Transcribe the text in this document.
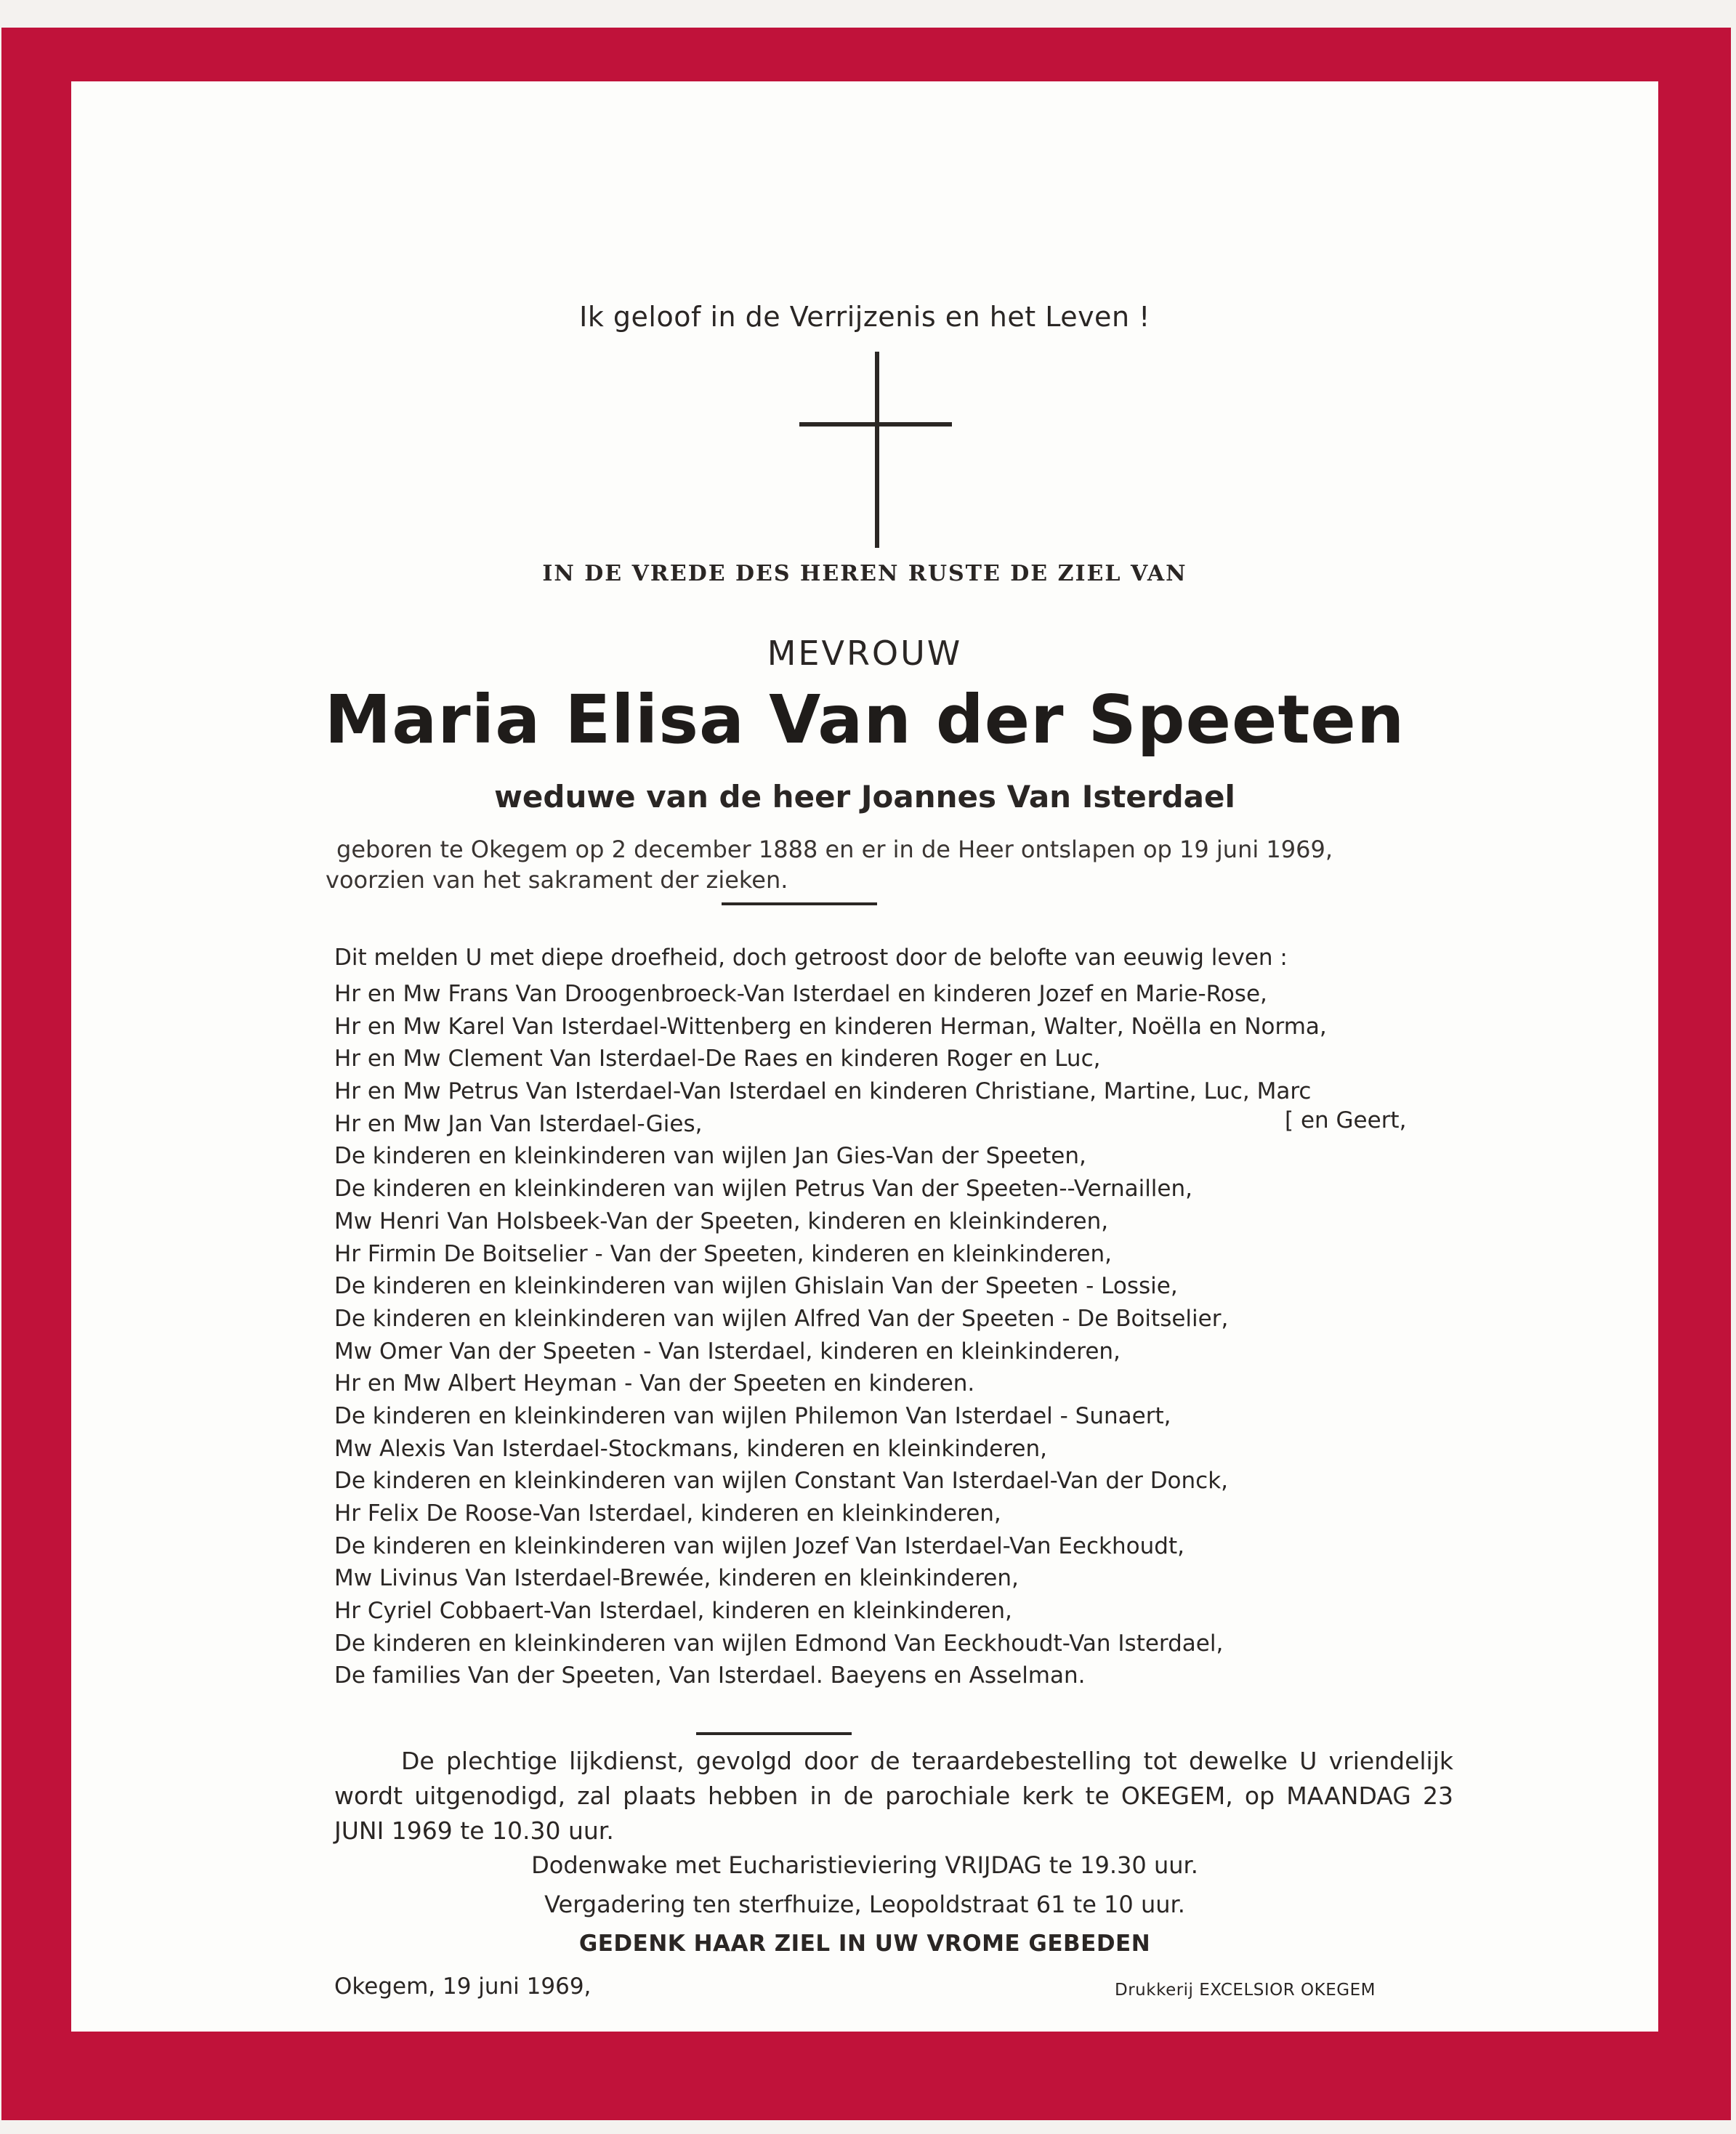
Ik geloof in de Verrijzenis en het Leven !
IN DE VREDE DES HEREN RUSTE DE ZIEL VAN
MEVROUW
Maria Elisa Van der Speeten
weduwe van de heer Joannes Van Isterdael
geboren te Okegem op 2 december 1888 en er in de Heer ontslapen op 19 juni 1969,
voorzien van het sakrament der zieken.
Dit melden U met diepe droefheid, doch getroost door de belofte van eeuwig leven :
Hr en Mw Frans Van Droogenbroeck-Van Isterdael en kinderen Jozef en Marie-Rose,
Hr en Mw Karel Van Isterdael-Wittenberg en kinderen Herman, Walter, Noëlla en Norma,
Hr en Mw Clement Van Isterdael-De Raes en kinderen Roger en Luc,
Hr en Mw Petrus Van Isterdael-Van Isterdael en kinderen Christiane, Martine, Luc, Marc
Hr en Mw Jan Van Isterdael-Gies,
De kinderen en kleinkinderen van wijlen Jan Gies-Van der Speeten,
De kinderen en kleinkinderen van wijlen Petrus Van der Speeten--Vernaillen,
Mw Henri Van Holsbeek-Van der Speeten, kinderen en kleinkinderen,
Hr Firmin De Boitselier - Van der Speeten, kinderen en kleinkinderen,
De kinderen en kleinkinderen van wijlen Ghislain Van der Speeten - Lossie,
De kinderen en kleinkinderen van wijlen Alfred Van der Speeten - De Boitselier,
Mw Omer Van der Speeten - Van Isterdael, kinderen en kleinkinderen,
Hr en Mw Albert Heyman - Van der Speeten en kinderen.
De kinderen en kleinkinderen van wijlen Philemon Van Isterdael - Sunaert,
Mw Alexis Van Isterdael-Stockmans, kinderen en kleinkinderen,
De kinderen en kleinkinderen van wijlen Constant Van Isterdael-Van der Donck,
Hr Felix De Roose-Van Isterdael, kinderen en kleinkinderen,
De kinderen en kleinkinderen van wijlen Jozef Van Isterdael-Van Eeckhoudt,
Mw Livinus Van Isterdael-Brewée, kinderen en kleinkinderen,
Hr Cyriel Cobbaert-Van Isterdael, kinderen en kleinkinderen,
De kinderen en kleinkinderen van wijlen Edmond Van Eeckhoudt-Van Isterdael,
De families Van der Speeten, Van Isterdael. Baeyens en Asselman.
[ en Geert,

De plechtige lijkdienst, gevolgd door de teraardebestelling tot dewelke U vriendelijk wordt uitgenodigd, zal plaats hebben in de parochiale kerk te OKEGEM, op MAANDAG 23 JUNI 1969 te 10.30 uur.

Dodenwake met Eucharistieviering VRIJDAG te 19.30 uur.
Vergadering ten sterfhuize, Leopoldstraat 61 te 10 uur.
GEDENK HAAR ZIEL IN UW VROME GEBEDEN
Okegem, 19 juni 1969,	Drukkerij EXCELSIOR OKEGEM
